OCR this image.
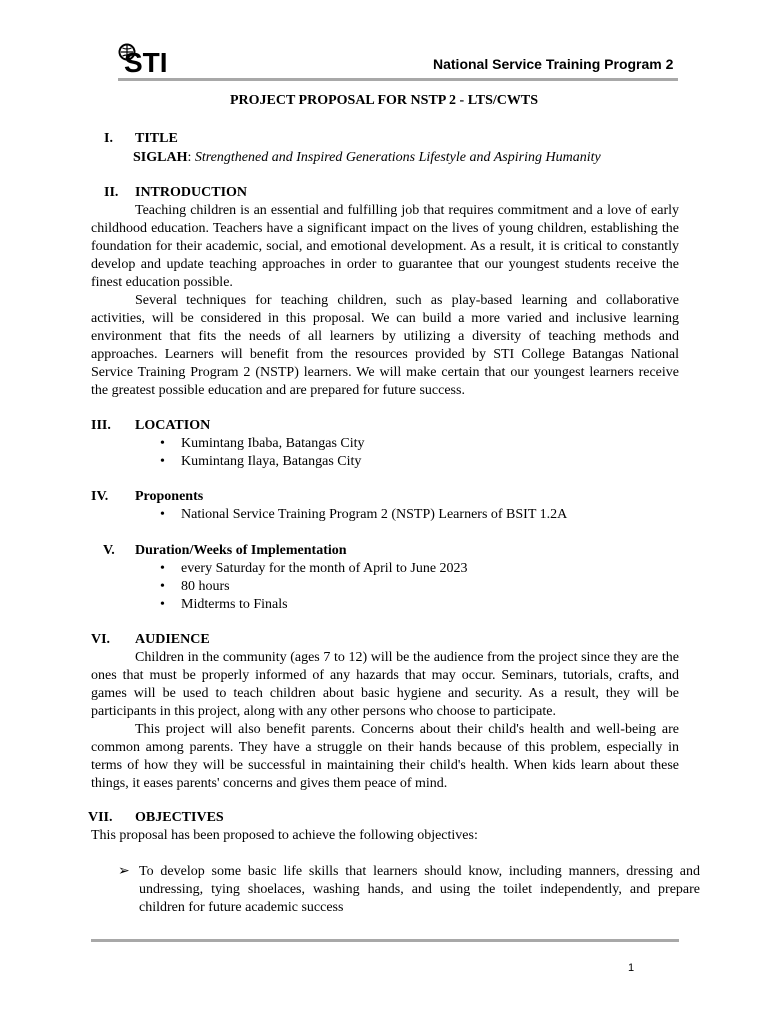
STI	National Service Training Program 2
PROJECT PROPOSAL FOR NSTP 2 - LTS/CWTS
I. TITLE
SIGLAH: Strengthened and Inspired Generations Lifestyle and Aspiring Humanity
II. INTRODUCTION
Teaching children is an essential and fulfilling job that requires commitment and a love of early childhood education. Teachers have a significant impact on the lives of young children, establishing the foundation for their academic, social, and emotional development. As a result, it is critical to constantly develop and update teaching approaches in order to guarantee that our youngest students receive the finest education possible.
Several techniques for teaching children, such as play-based learning and collaborative activities, will be considered in this proposal. We can build a more varied and inclusive learning environment that fits the needs of all learners by utilizing a diversity of teaching methods and approaches. Learners will benefit from the resources provided by STI College Batangas National Service Training Program 2 (NSTP) learners. We will make certain that our youngest learners receive the greatest possible education and are prepared for future success.
III. LOCATION
• Kumintang Ibaba, Batangas City
• Kumintang Ilaya, Batangas City
IV. Proponents
• National Service Training Program 2 (NSTP) Learners of BSIT 1.2A
V. Duration/Weeks of Implementation
• every Saturday for the month of April to June 2023
• 80 hours
• Midterms to Finals
VI. AUDIENCE
Children in the community (ages 7 to 12) will be the audience from the project since they are the ones that must be properly informed of any hazards that may occur. Seminars, tutorials, crafts, and games will be used to teach children about basic hygiene and security. As a result, they will be participants in this project, along with any other persons who choose to participate.
This project will also benefit parents. Concerns about their child's health and well-being are common among parents. They have a struggle on their hands because of this problem, especially in terms of how they will be successful in maintaining their child's health. When kids learn about these things, it eases parents' concerns and gives them peace of mind.
VII. OBJECTIVES
This proposal has been proposed to achieve the following objectives:
➢ To develop some basic life skills that learners should know, including manners, dressing and undressing, tying shoelaces, washing hands, and using the toilet independently, and prepare children for future academic success
1
